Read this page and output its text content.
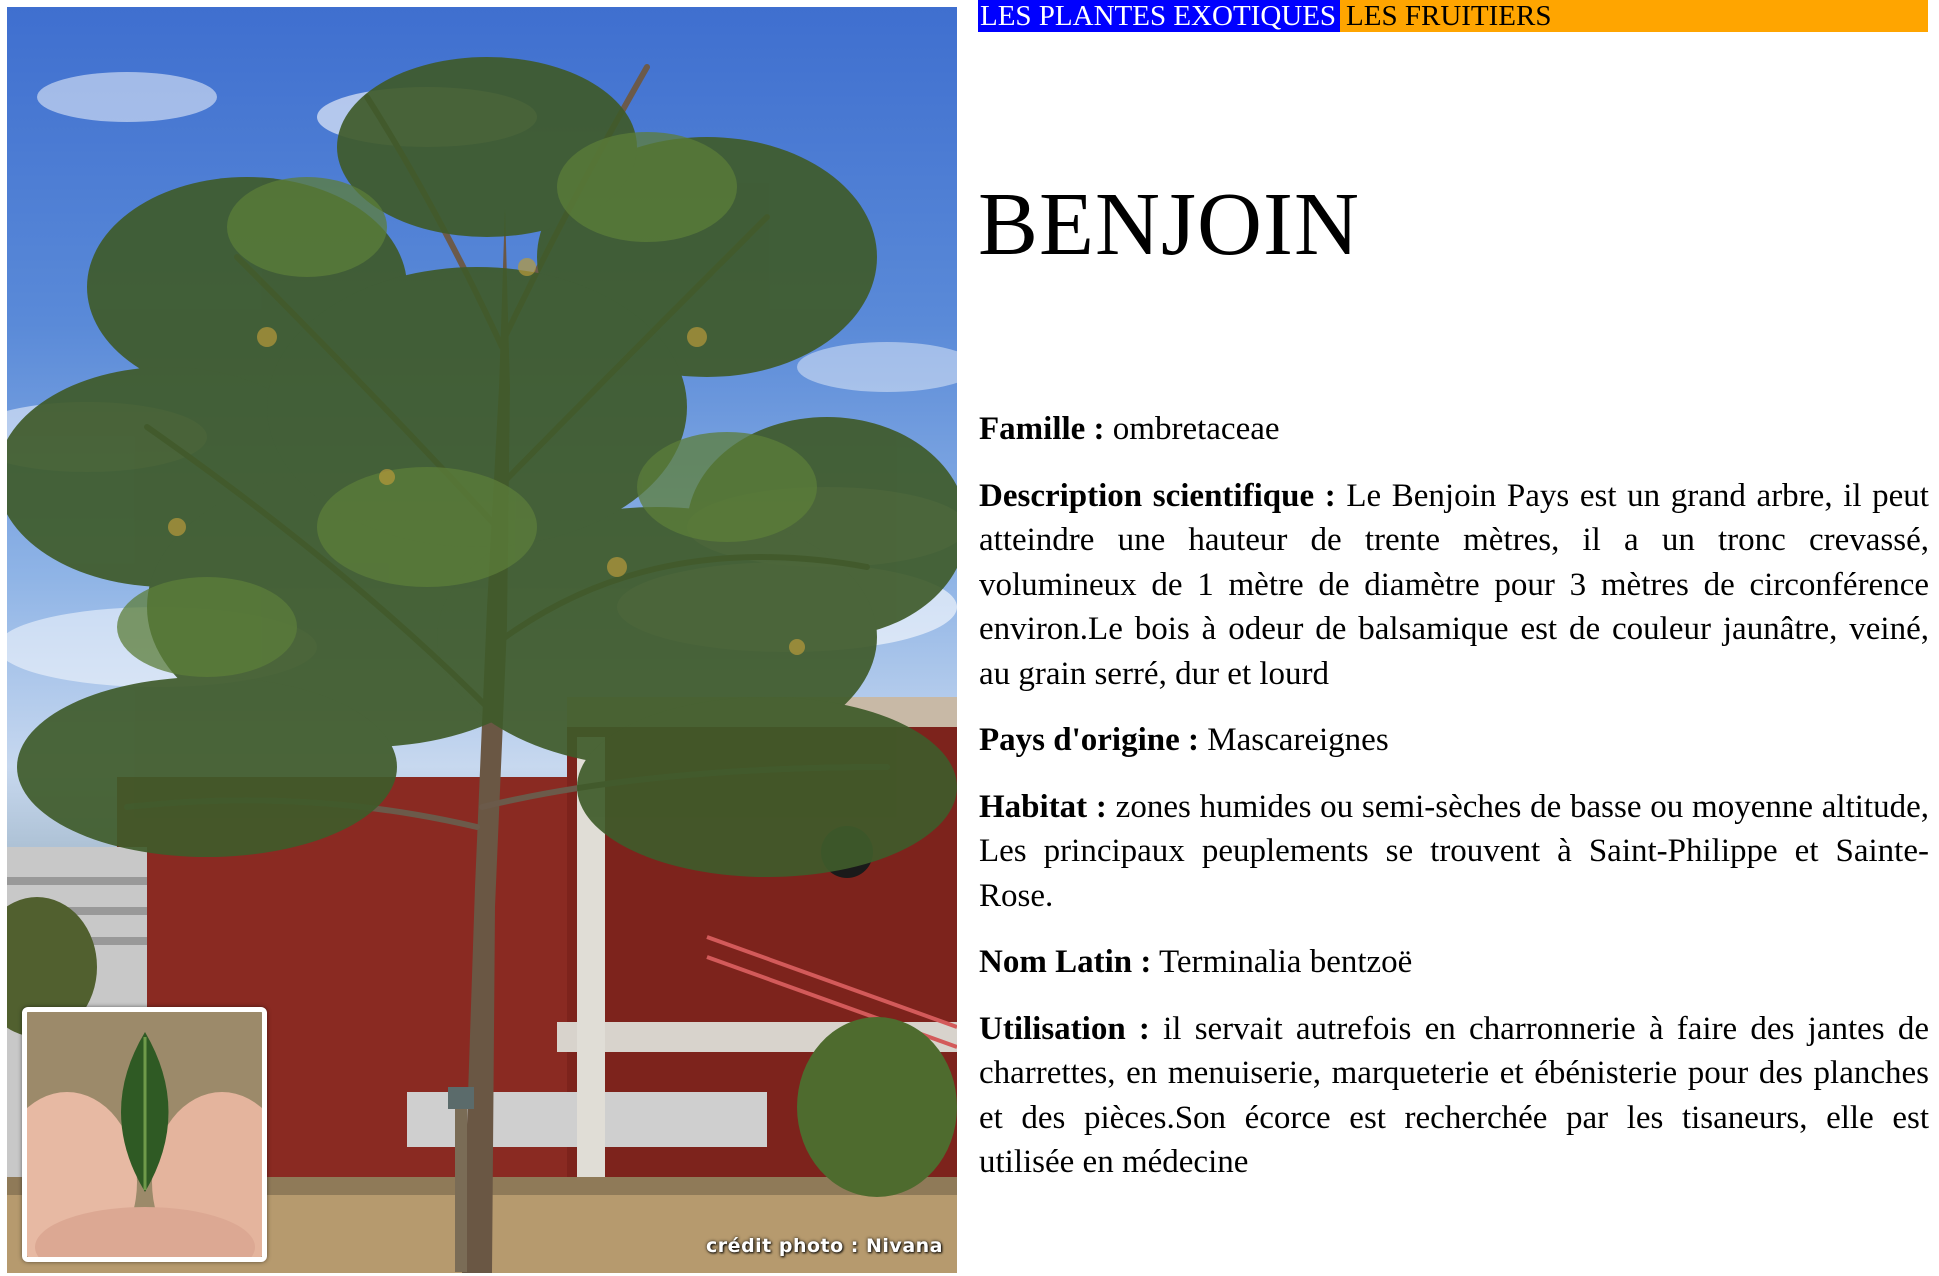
crédit photo : Nivana
LES PLANTES EXOTIQUES LES FRUITIERS
BENJOIN

Famille : ombretaceae

Description scientifique : Le Benjoin Pays est un grand arbre, il peut atteindre une hauteur de trente mètres, il a un tronc crevassé, volumineux de 1 mètre de diamètre pour 3 mètres de circonférence environ.Le bois à odeur de balsamique est de couleur jaunâtre, veiné, au grain serré, dur et lourd

Pays d'origine : Mascareignes

Habitat : zones humides ou semi-sèches de basse ou moyenne altitude, Les principaux peuplements se trouvent à Saint-Philippe et Sainte-Rose.

Nom Latin : Terminalia bentzoë

Utilisation : il servait autrefois en charronnerie à faire des jantes de charrettes, en menuiserie, marqueterie et ébénisterie pour des planches et des pièces.Son écorce est recherchée par les tisaneurs, elle est utilisée en médecine
